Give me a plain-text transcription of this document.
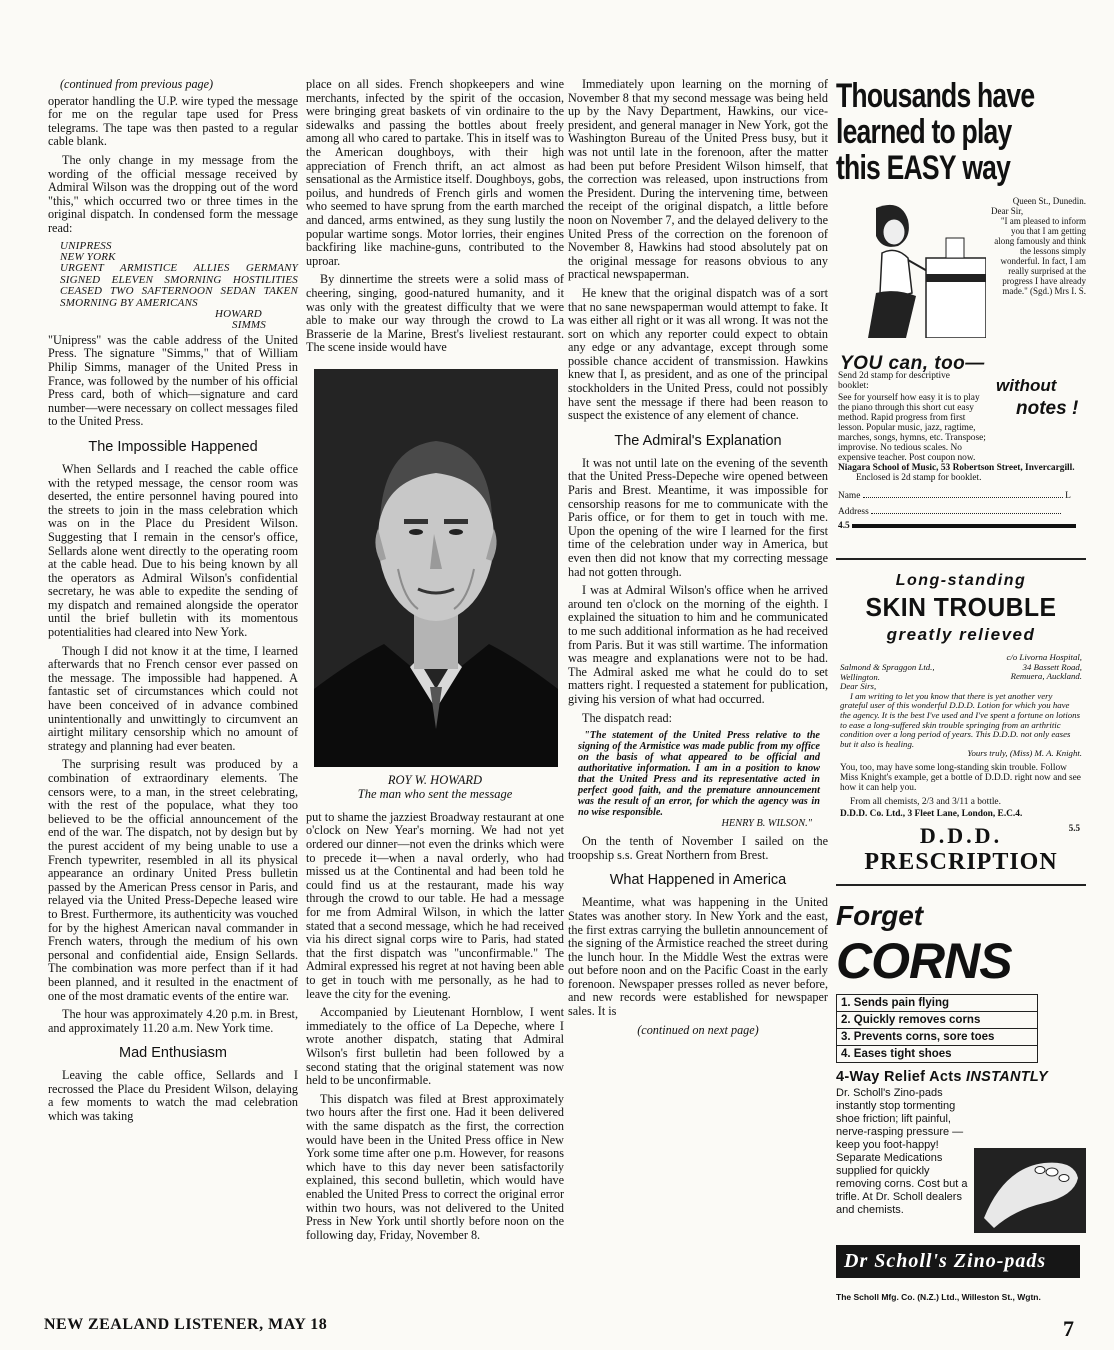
(continued from previous page)

operator handling the U.P. wire typed the message for me on the regular tape used for Press telegrams. The tape was then pasted to a regular cable blank.

The only change in my message from the wording of the official message received by Admiral Wilson was the dropping out of the word "this," which occurred two or three times in the original dispatch. In condensed form the message read:

UNIPRESS
NEW YORK
URGENT ARMISTICE ALLIES GERMANY SIGNED ELEVEN SMORNING HOSTILITIES CEASED TWO SAFTERNOON SEDAN TAKEN SMORNING BY AMERICANS
HOWARD
SIMMS

"Unipress" was the cable address of the United Press. The signature "Simms," that of William Philip Simms, manager of the United Press in France, was followed by the number of his official Press card, both of which—signature and card number—were necessary on collect messages filed to the United Press.

The Impossible Happened

When Sellards and I reached the cable office with the retyped message, the censor room was deserted, the entire personnel having poured into the streets to join in the mass celebration which was on in the Place du President Wilson. Suggesting that I remain in the censor's office, Sellards alone went directly to the operating room at the cable head. Due to his being known by all the operators as Admiral Wilson's confidential secretary, he was able to expedite the sending of my dispatch and remained alongside the operator until the brief bulletin with its momentous potentialities had cleared into New York.

Though I did not know it at the time, I learned afterwards that no French censor ever passed on the message. The impossible had happened. A fantastic set of circumstances which could not have been conceived of in advance combined unintentionally and unwittingly to circumvent an airtight military censorship which no amount of strategy and planning had ever beaten.

The surprising result was produced by a combination of extraordinary elements. The censors were, to a man, in the street celebrating, with the rest of the populace, what they too believed to be the official announcement of the end of the war. The dispatch, not by design but by the purest accident of my being unable to use a French typewriter, resembled in all its physical appearance an ordinary United Press bulletin passed by the American Press censor in Paris, and relayed via the United Press-Depeche leased wire to Brest. Furthermore, its authenticity was vouched for by the highest American naval commander in French waters, through the medium of his own personal and confidential aide, Ensign Sellards. The combination was more perfect than if it had been planned, and it resulted in the enactment of one of the most dramatic events of the entire war.

The hour was approximately 4.20 p.m. in Brest, and approximately 11.20 a.m. New York time.

Mad Enthusiasm

Leaving the cable office, Sellards and I recrossed the Place du President Wilson, delaying a few moments to watch the mad celebration which was taking

place on all sides. French shopkeepers and wine merchants, infected by the spirit of the occasion, were bringing great baskets of vin ordinaire to the sidewalks and passing the bottles about freely among all who cared to partake. This in itself was to the American doughboys, with their high appreciation of French thrift, an act almost as sensational as the Armistice itself. Doughboys, gobs, poilus, and hundreds of French girls and women who seemed to have sprung from the earth marched and danced, arms entwined, as they sung lustily the popular wartime songs. Motor lorries, their engines backfiring like machine-guns, contributed to the uproar.

By dinnertime the streets were a solid mass of cheering, singing, good-natured humanity, and it was only with the greatest difficulty that we were able to make our way through the crowd to La Brasserie de la Marine, Brest's liveliest restaurant. The scene inside would have

ROY W. HOWARD
The man who sent the message

put to shame the jazziest Broadway restaurant at one o'clock on New Year's morning. We had not yet ordered our dinner—not even the drinks which were to precede it—when a naval orderly, who had missed us at the Continental and had been told he could find us at the restaurant, made his way through the crowd to our table. He had a message for me from Admiral Wilson, in which the latter stated that a second message, which he had received via his direct signal corps wire to Paris, had stated that the first dispatch was "unconfirmable." The Admiral expressed his regret at not having been able to get in touch with me personally, as he had to leave the city for the evening.

Accompanied by Lieutenant Hornblow, I went immediately to the office of La Depeche, where I wrote another dispatch, stating that Admiral Wilson's first bulletin had been followed by a second stating that the original statement was now held to be unconfirmable.

This dispatch was filed at Brest approximately two hours after the first one. Had it been delivered with the same dispatch as the first, the correction would have been in the United Press office in New York some time after one p.m. However, for reasons which have to this day never been satisfactorily explained, this second bulletin, which would have enabled the United Press to correct the original error within two hours, was not delivered to the United Press in New York until shortly before noon on the following day, Friday, November 8.

Immediately upon learning on the morning of November 8 that my second message was being held up by the Navy Department, Hawkins, our vice-president, and general manager in New York, got the Washington Bureau of the United Press busy, but it was not until late in the forenoon, after the matter had been put before President Wilson himself, that the correction was released, upon instructions from the President. During the intervening time, between the receipt of the original dispatch, a little before noon on November 7, and the delayed delivery to the United Press of the correction on the forenoon of November 8, Hawkins had stood absolutely pat on the original message for reasons obvious to any practical newspaperman.

He knew that the original dispatch was of a sort that no sane newspaperman would attempt to fake. It was either all right or it was all wrong. It was not the sort on which any reporter could expect to obtain any edge or any advantage, except through some possible chance accident of transmission. Hawkins knew that I, as president, and as one of the principal stockholders in the United Press, could not possibly have sent the message if there had been reason to suspect the existence of any element of chance.

The Admiral's Explanation

It was not until late on the evening of the seventh that the United Press-Depeche wire opened between Paris and Brest. Meantime, it was impossible for censorship reasons for me to communicate with the Paris office, or for them to get in touch with me. Upon the opening of the wire I learned for the first time of the celebration under way in America, but even then did not know that my correcting message had not gotten through.

I was at Admiral Wilson's office when he arrived around ten o'clock on the morning of the eighth. I explained the situation to him and he communicated to me such additional information as he had received from Paris. But it was still wartime. The information was meagre and explanations were not to be had. The Admiral asked me what he could do to set matters right. I requested a statement for publication, giving his version of what had occurred.

The dispatch read:

"The statement of the United Press relative to the signing of the Armistice was made public from my office on the basis of what appeared to be official and authoritative information. I am in a position to know that the United Press and its representative acted in perfect good faith, and the premature announcement was the result of an error, for which the agency was in no wise responsible.
HENRY B. WILSON."

On the tenth of November I sailed on the troopship s.s. Great Northern from Brest.

What Happened in America

Meantime, what was happening in the United States was another story. In New York and the east, the first extras carrying the bulletin announcement of the signing of the Armistice reached the street during the lunch hour. In the Middle West the extras were out before noon and on the Pacific Coast in the early forenoon. Newspaper presses rolled as never before, and new records were established for newspaper sales. It is

(continued on next page)

Thousands have
learned to play
this EASY way

Queen St., Dunedin.

Dear Sir,

"I am pleased to inform you that I am getting along famously and think the lessons simply wonderful. In fact, I am really surprised at the progress I have already made." (Sgd.) Mrs I. S.

YOU can, too—
without
notes !

Send 2d stamp for descriptive booklet:

See for yourself how easy it is to play the piano through this short cut easy method. Rapid progress from first lesson. Popular music, jazz, ragtime, marches, songs, hymns, etc. Transpose; improvise. No tedious scales. No expensive teacher. Post coupon now.

Niagara School of Music, 53 Robertson Street, Invercargill.

Enclosed is 2d stamp for booklet.

Name	L

Address

4.5

Long-standing
SKIN TROUBLE
greatly relieved
Salmond & Spraggon Ltd.,
Wellington.
c/o Livorna Hospital,
34 Bassett Road,
Remuera, Auckland.

Dear Sirs,

I am writing to let you know that there is yet another very grateful user of this wonderful D.D.D. Lotion for which you have the agency. It is the best I've used and I've spent a fortune on lotions to ease a long-suffered skin trouble springing from an arthritic condition over a long period of years. This D.D.D. not only eases but it also is healing.

Yours truly, (Miss) M. A. Knight.

You, too, may have some long-standing skin trouble. Follow Miss Knight's example, get a bottle of D.D.D. right now and see how it can help you.
From all chemists, 2/3 and 3/11 a bottle.
D.D.D. Co. Ltd., 3 Fleet Lane, London, E.C.4.
D.D.D.	5.5
PRESCRIPTION
Forget CORNS
1. Sends pain flying
2. Quickly removes corns
3. Prevents corns, sore toes
4. Eases tight shoes
4-Way Relief Acts INSTANTLY
Dr. Scholl's Zino-pads instantly stop tormenting shoe friction; lift painful, nerve-rasping pressure — keep you foot-happy! Separate Medications supplied for quickly removing corns. Cost but a trifle. At Dr. Scholl dealers and chemists.
Dr Scholl's Zino-pads
The Scholl Mfg. Co. (N.Z.) Ltd., Willeston St., Wgtn.
NEW ZEALAND LISTENER, MAY 18	7
